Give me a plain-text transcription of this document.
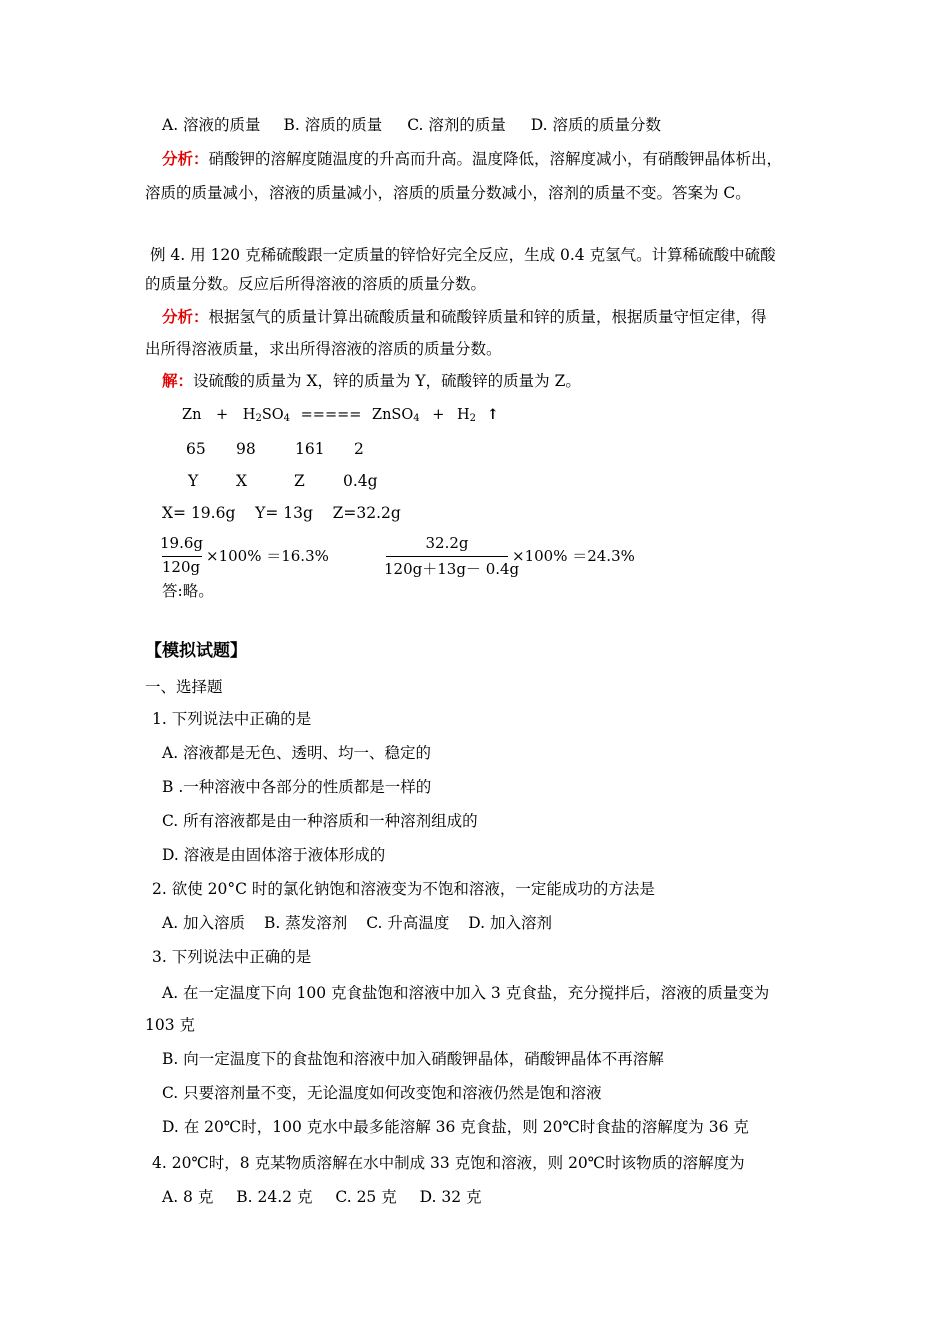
A. 溶液的质量 B. 溶质的质量 C. 溶剂的质量 D. 溶质的质量分数
分析：硝酸钾的溶解度随温度的升高而升高。温度降低，溶解度减小，有硝酸钾晶体析出，
溶质的质量减小，溶液的质量减小，溶质的质量分数减小，溶剂的质量不变。答案为 C。
例 4. 用 120 克稀硫酸跟一定质量的锌恰好完全反应，生成 0.4 克氢气。计算稀硫酸中硫酸
的质量分数。反应后所得溶液的溶质的质量分数。
分析：根据氢气的质量计算出硫酸质量和硫酸锌质量和锌的质量，根据质量守恒定律，得
出所得溶液质量，求出所得溶液的溶质的质量分数。
解：设硫酸的质量为 X，锌的质量为 Y，硫酸锌的质量为 Z。
$Zn + H_2SO_4$ ===== ZnSO$_4$ + $H_2$ ↑
65 98	161 2
Y X	Z 0.4g
X= 19.6g    Y= 13g    Z=32.2g
19.6g
120g
×100% ＝16.3%
32.2g
120g＋13g－ 0.4g
×100% ＝24.3%
答:略。
【模拟试题】
一、选择题
1. 下列说法中正确的是
A. 溶液都是无色、透明、均一、稳定的
B .一种溶液中各部分的性质都是一样的
C. 所有溶液都是由一种溶质和一种溶剂组成的
D. 溶液是由固体溶于液体形成的
2. 欲使 20°C 时的氯化钠饱和溶液变为不饱和溶液，一定能成功的方法是
A. 加入溶质 B. 蒸发溶剂 C. 升高温度 D. 加入溶剂
3. 下列说法中正确的是
A. 在一定温度下向 100 克食盐饱和溶液中加入 3 克食盐，充分搅拌后，溶液的质量变为
103 克
B. 向一定温度下的食盐饱和溶液中加入硝酸钾晶体，硝酸钾晶体不再溶解
C. 只要溶剂量不变，无论温度如何改变饱和溶液仍然是饱和溶液
D. 在 20℃时，100 克水中最多能溶解 36 克食盐，则 20℃时食盐的溶解度为 36 克
4. 20℃时，8 克某物质溶解在水中制成 33 克饱和溶液，则 20℃时该物质的溶解度为
A. 8 克 B. 24.2 克 C. 25 克 D. 32 克
